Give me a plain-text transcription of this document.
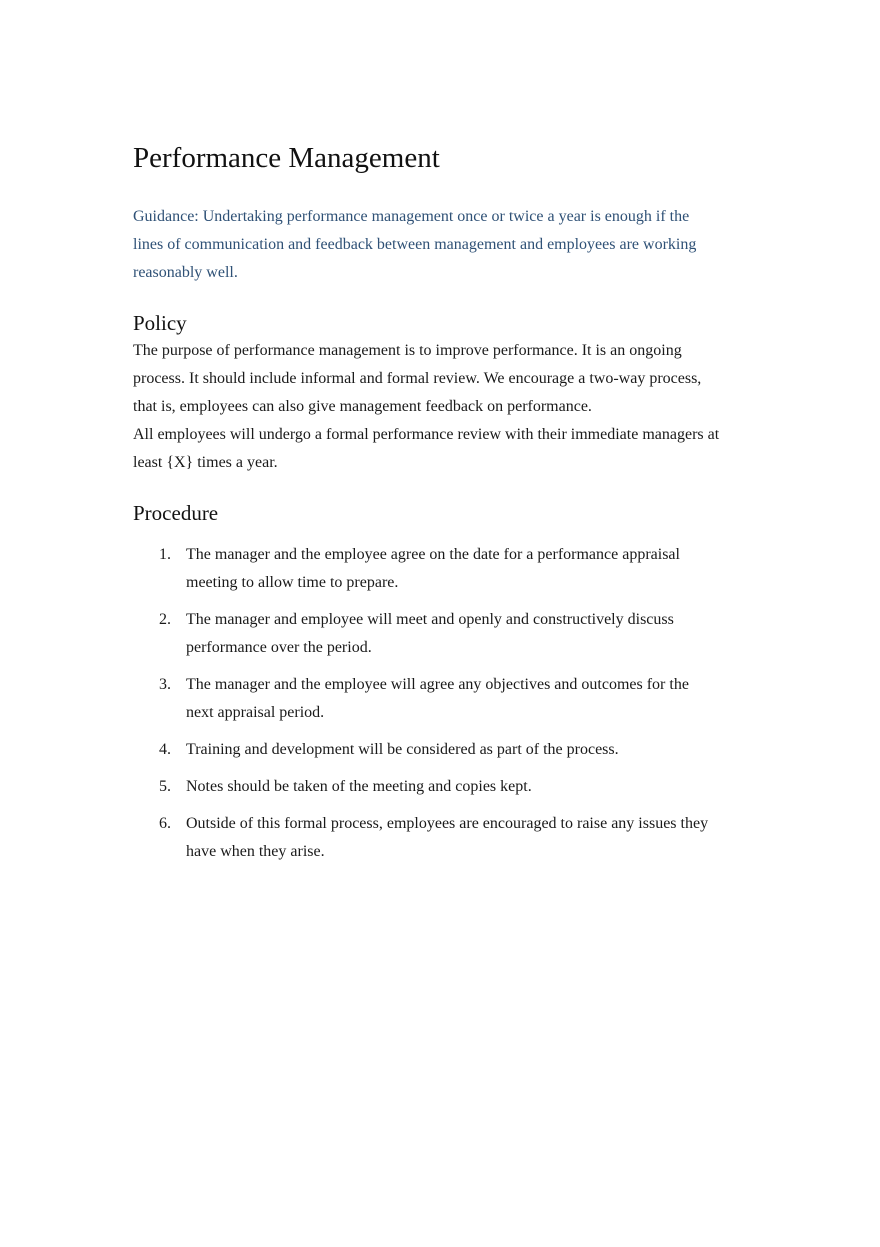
Performance Management
Guidance: Undertaking performance management once or twice a year is enough if the lines of communication and feedback between management and employees are working reasonably well.
Policy

The purpose of performance management is to improve performance. It is an ongoing process. It should include informal and formal review. We encourage a two-way process, that is, employees can also give management feedback on performance.

All employees will undergo a formal performance review with their immediate managers at least {X} times a year.

Procedure
1. The manager and the employee agree on the date for a performance appraisal meeting to allow time to prepare.
2. The manager and employee will meet and openly and constructively discuss performance over the period.
3. The manager and the employee will agree any objectives and outcomes for the next appraisal period.
4. Training and development will be considered as part of the process.
5. Notes should be taken of the meeting and copies kept.
6. Outside of this formal process, employees are encouraged to raise any issues they have when they arise.
